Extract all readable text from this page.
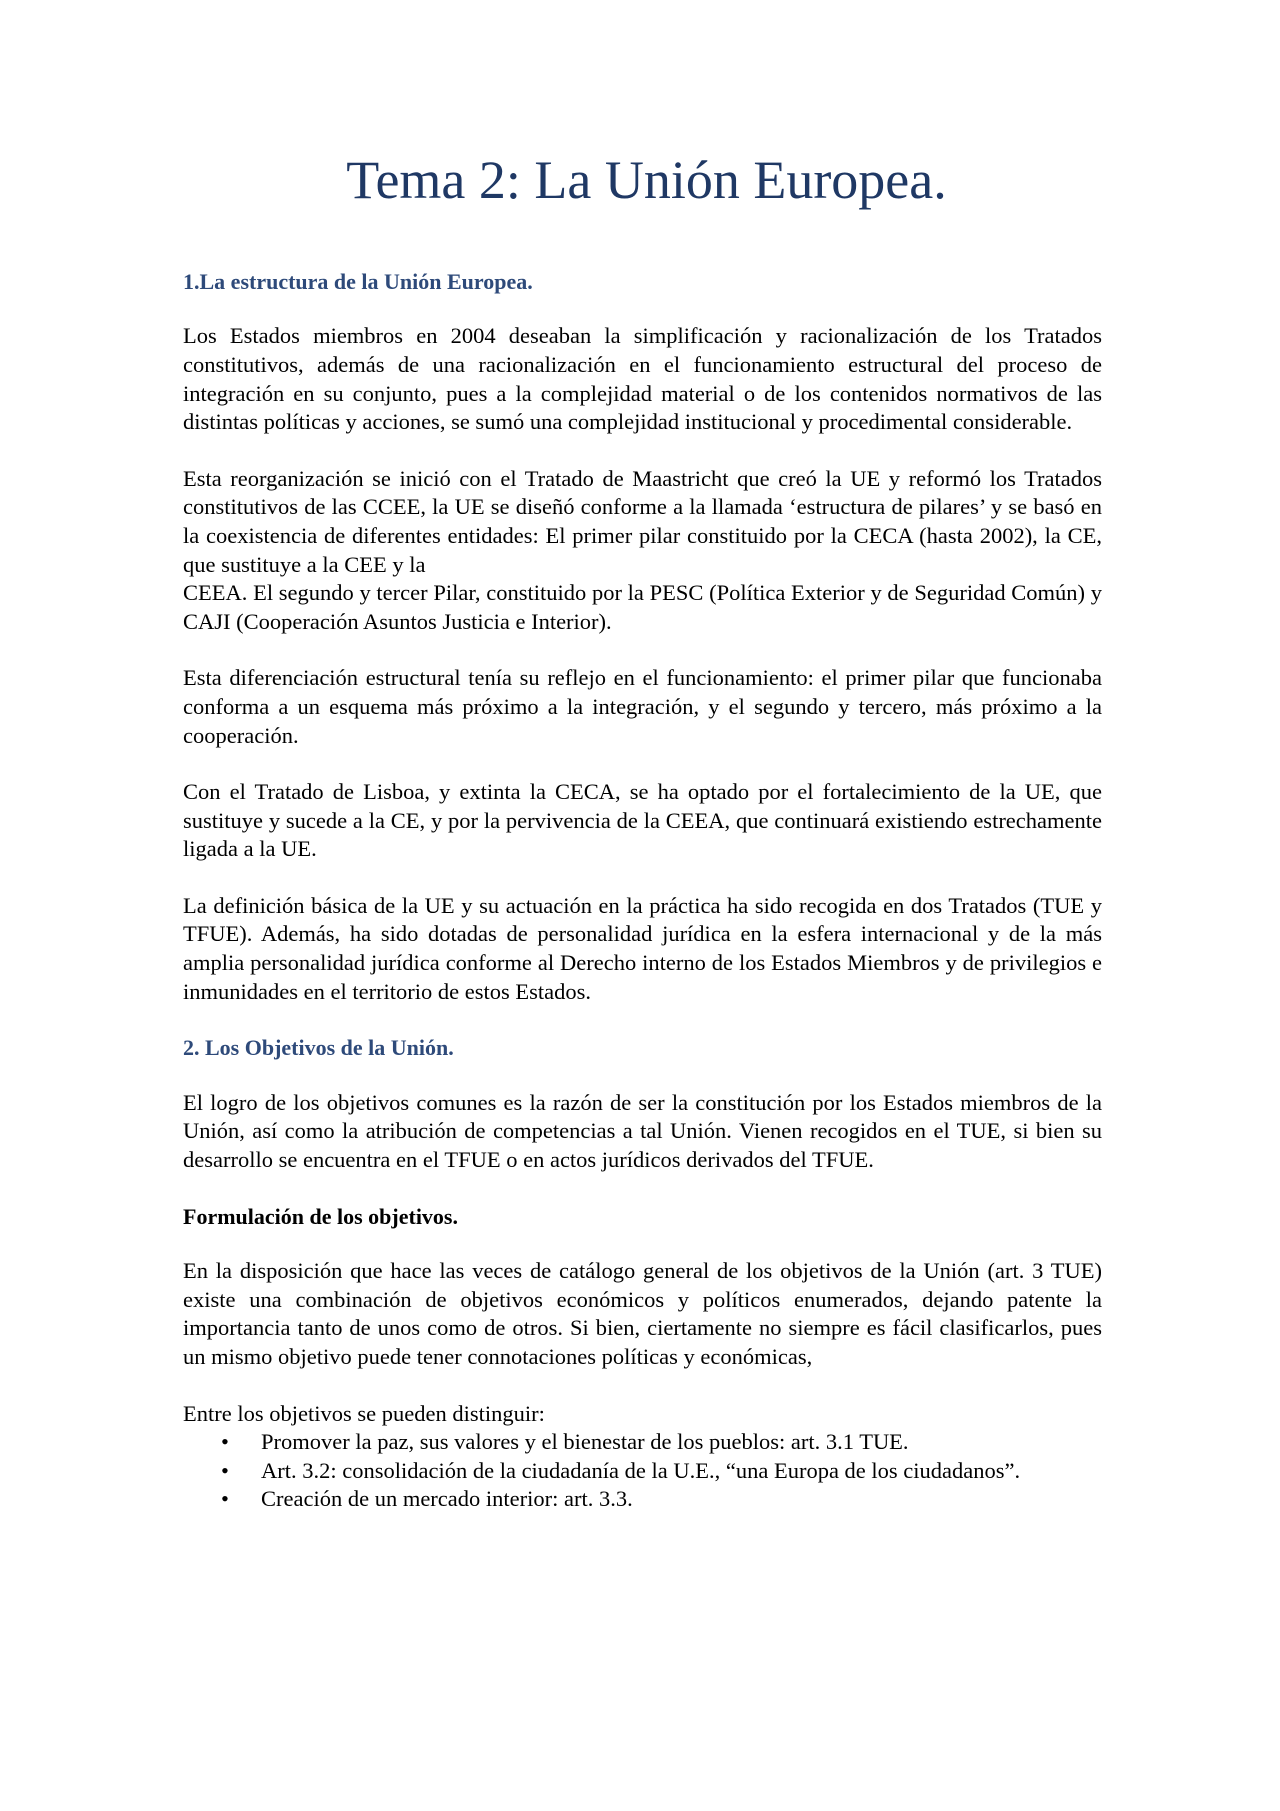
Tema 2: La Unión Europea.
1.La estructura de la Unión Europea.

Los Estados miembros en 2004 deseaban la simplificación y racionalización de los Tratados constitutivos, además de una racionalización en el funcionamiento estructural del proceso de integración en su conjunto, pues a la complejidad material o de los contenidos normativos de las distintas políticas y acciones, se sumó una complejidad institucional y procedimental considerable.

Esta reorganización se inició con el Tratado de Maastricht que creó la UE y reformó los Tratados constitutivos de las CCEE, la UE se diseñó conforme a la llamada ‘estructura de pilares’ y se basó en la coexistencia de diferentes entidades: El primer pilar constituido por la CECA (hasta 2002), la CE, que sustituye a la CEE y la

CEEA. El segundo y tercer Pilar, constituido por la PESC (Política Exterior y de Seguridad Común) y CAJI (Cooperación Asuntos Justicia e Interior).

Esta diferenciación estructural tenía su reflejo en el funcionamiento: el primer pilar que funcionaba conforma a un esquema más próximo a la integración, y el segundo y tercero, más próximo a la cooperación.

Con el Tratado de Lisboa, y extinta la CECA, se ha optado por el fortalecimiento de la UE, que sustituye y sucede a la CE, y por la pervivencia de la CEEA, que continuará existiendo estrechamente ligada a la UE.

La definición básica de la UE y su actuación en la práctica ha sido recogida en dos Tratados (TUE y TFUE). Además, ha sido dotadas de personalidad jurídica en la esfera internacional y de la más amplia personalidad jurídica conforme al Derecho interno de los Estados Miembros y de privilegios e inmunidades en el territorio de estos Estados.

2. Los Objetivos de la Unión.

El logro de los objetivos comunes es la razón de ser la constitución por los Estados miembros de la Unión, así como la atribución de competencias a tal Unión. Vienen recogidos en el TUE, si bien su desarrollo se encuentra en el TFUE o en actos jurídicos derivados del TFUE.

Formulación de los objetivos.

En la disposición que hace las veces de catálogo general de los objetivos de la Unión (art. 3 TUE) existe una combinación de objetivos económicos y políticos enumerados, dejando patente la importancia tanto de unos como de otros. Si bien, ciertamente no siempre es fácil clasificarlos, pues un mismo objetivo puede tener connotaciones políticas y económicas,

Entre los objetivos se pueden distinguir:

• Promover la paz, sus valores y el bienestar de los pueblos: art. 3.1 TUE.
• Art. 3.2: consolidación de la ciudadanía de la U.E., “una Europa de los ciudadanos”.
• Creación de un mercado interior: art. 3.3.
